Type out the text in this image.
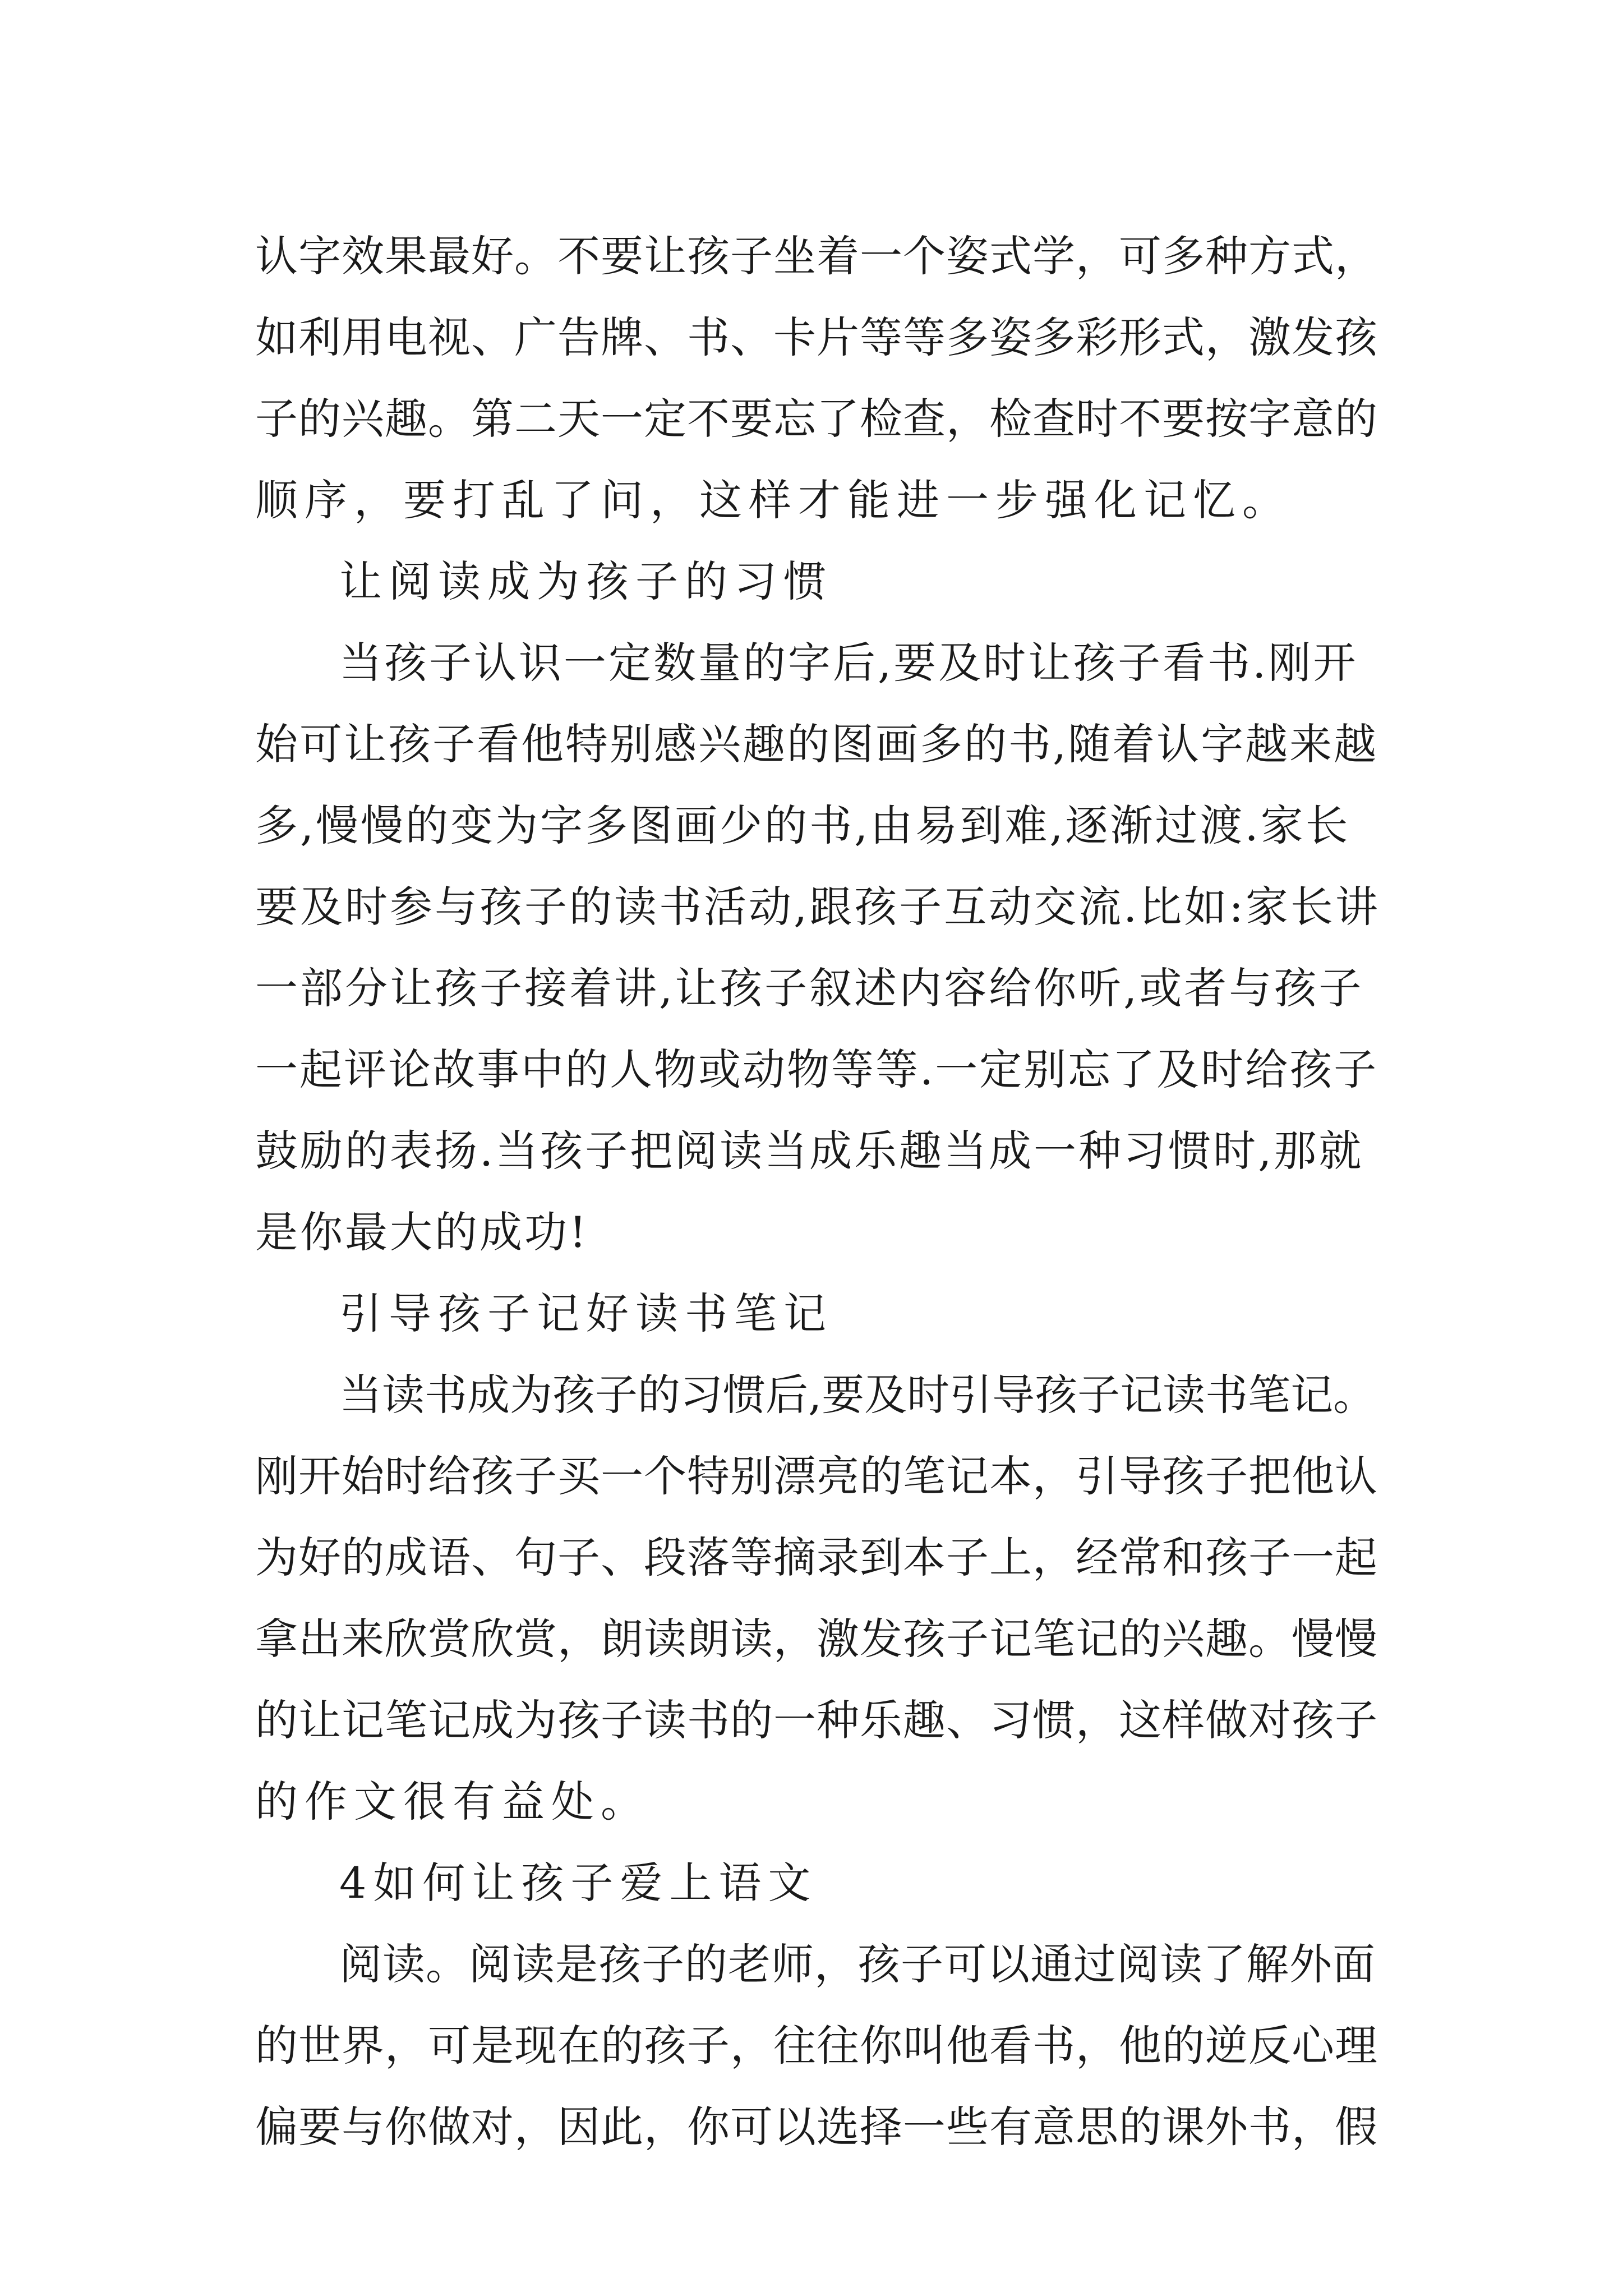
认字效果最好。不要让孩子坐着一个姿式学，可多种方式，

如利用电视、广告牌、书、卡片等等多姿多彩形式，激发孩

子的兴趣。第二天一定不要忘了检查，检查时不要按字意的

顺序，要打乱了问，这样才能进一步强化记忆。

让阅读成为孩子的习惯

当孩子认识一定数量的字后,要及时让孩子看书.刚开

始可让孩子看他特别感兴趣的图画多的书,随着认字越来越

多,慢慢的变为字多图画少的书,由易到难,逐渐过渡.家长

要及时参与孩子的读书活动,跟孩子互动交流.比如:家长讲

一部分让孩子接着讲,让孩子叙述内容给你听,或者与孩子

一起评论故事中的人物或动物等等.一定别忘了及时给孩子

鼓励的表扬.当孩子把阅读当成乐趣当成一种习惯时,那就

是你最大的成功!

引导孩子记好读书笔记

当读书成为孩子的习惯后,要及时引导孩子记读书笔记。

刚开始时给孩子买一个特别漂亮的笔记本，引导孩子把他认

为好的成语、句子、段落等摘录到本子上，经常和孩子一起

拿出来欣赏欣赏，朗读朗读，激发孩子记笔记的兴趣。慢慢

的让记笔记成为孩子读书的一种乐趣、习惯，这样做对孩子

的作文很有益处。

4如何让孩子爱上语文

阅读。阅读是孩子的老师，孩子可以通过阅读了解外面

的世界，可是现在的孩子，往往你叫他看书，他的逆反心理

偏要与你做对，因此，你可以选择一些有意思的课外书，假
